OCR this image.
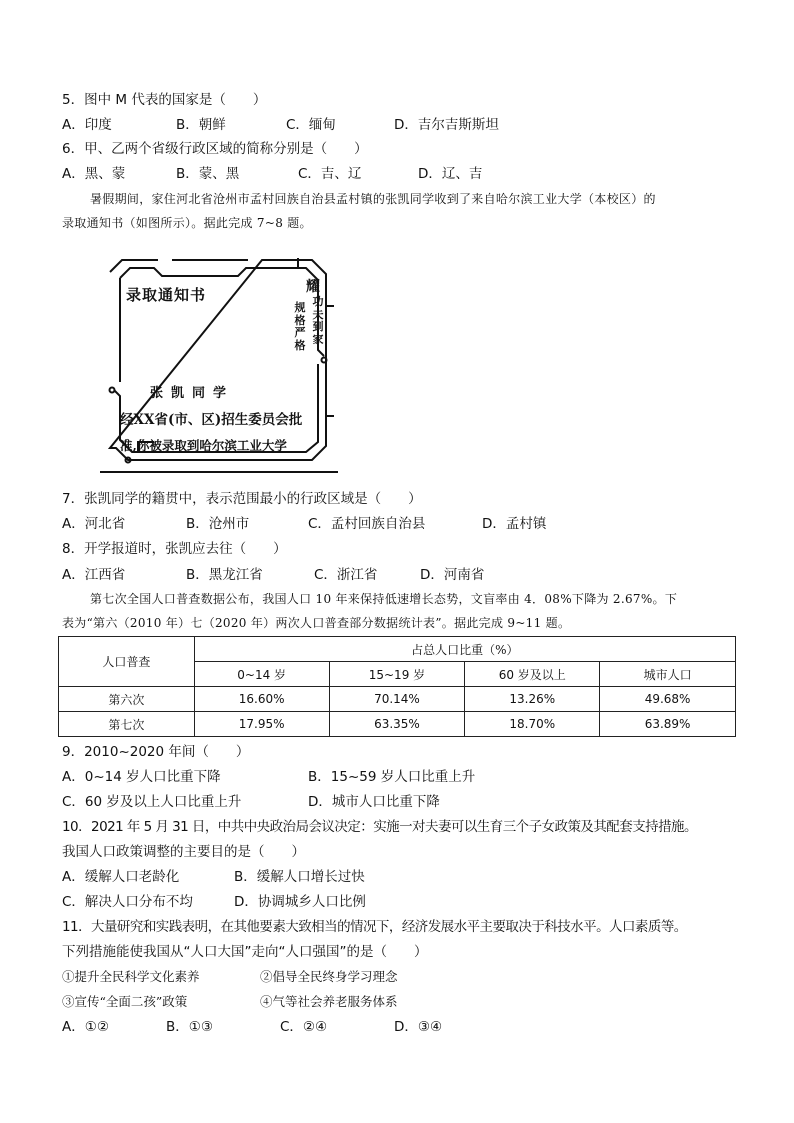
5．图中 M 代表的国家是（　　）
A．印度	B．朝鲜	C．缅甸	D．吉尔吉斯斯坦
6．甲、乙两个省级行政区域的简称分别是（　　）
A．黑、蒙	B．蒙、黑	C．吉、辽	D．辽、吉
暑假期间，家住河北省沧州市孟村回族自治县孟村镇的张凯同学收到了来自哈尔滨工业大学（本校区）的
录取通知书（如图所示）。据此完成 7~8 题。
录取通知书	耀
功夫到家
规格严格
张凯同学
经XX省(市、区)招生委员会批
准,你被录取到哈尔滨工业大学
7．张凯同学的籍贯中，表示范围最小的行政区域是（　　）
A．河北省	B．沧州市	C．孟村回族自治县	D．孟村镇
8．开学报道时，张凯应去往（　　）
A．江西省	B．黑龙江省	C．浙江省	D．河南省
第七次全国人口普查数据公布，我国人口 10 年来保持低速增长态势，文盲率由 4．08%下降为 2.67%。下
表为“第六（2010 年）七（2020 年）两次人口普查部分数据统计表”。据此完成 9~11 题。
人口普查	占总人口比重（%）			
	0~14 岁	15~19 岁	60 岁及以上	城市人口
第六次	16.60%	70.14%	13.26%	49.68%
第七次	17.95%	63.35%	18.70%	63.89%
9．2010~2020 年间（　　）
A．0~14 岁人口比重下降	B．15~59 岁人口比重上升
C．60 岁及以上人口比重上升	D．城市人口比重下降
10．2021 年 5 月 31 日，中共中央政治局会议决定：实施一对夫妻可以生育三个子女政策及其配套支持措施。
我国人口政策调整的主要目的是（　　）
A．缓解人口老龄化	B．缓解人口增长过快
C．解决人口分布不均	D．协调城乡人口比例
11．大量研究和实践表明，在其他要素大致相当的情况下，经济发展水平主要取决于科技水平。人口素质等。
下列措施能使我国从“人口大国”走向“人口强国”的是（　　）
①提升全民科学文化素养	②倡导全民终身学习理念
③宣传“全面二孩”政策	④气等社会养老服务体系
A．①②	B．①③	C．②④	D．③④
